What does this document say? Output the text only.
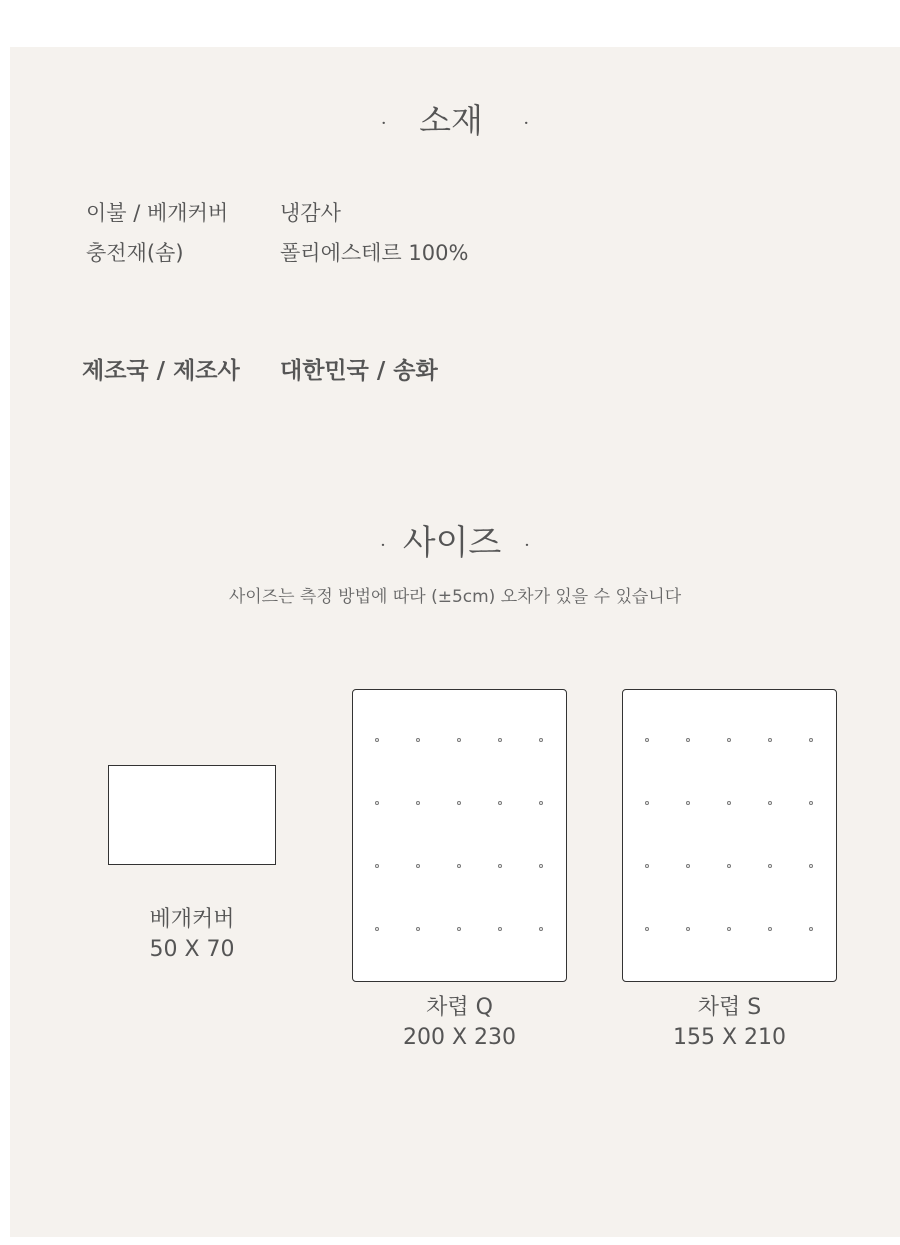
· 소재 ·
이불 / 베개커버 냉감사
충전재(솜)	폴리에스테르 100%
제조국 / 제조사 대한민국 / 송화
· 사이즈 ·
사이즈는 측정 방법에 따라 (±5cm) 오차가 있을 수 있습니다
베개커버
50 X 70
차렵 Q
200 X 230
차렵 S
155 X 210
